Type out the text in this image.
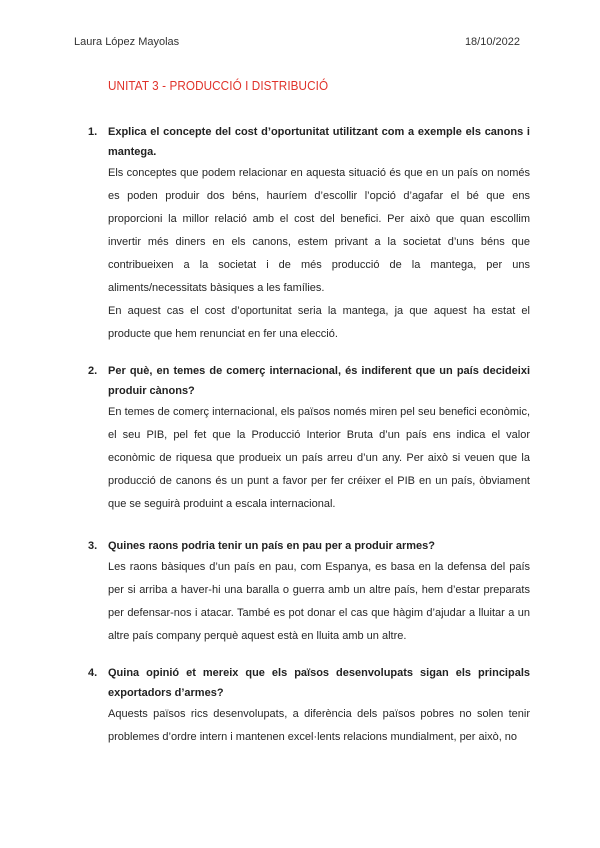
Laura López Mayolas	18/10/2022
UNITAT 3 - PRODUCCIÓ I DISTRIBUCIÓ
1. Explica el concepte del cost d’oportunitat utilitzant com a exemple els canons i mantega.

Els conceptes que podem relacionar en aquesta situació és que en un país on només es poden produir dos béns, hauríem d’escollir l’opció d’agafar el bé que ens proporcioni la millor relació amb el cost del benefici. Per això que quan escollim invertir més diners en els canons, estem privant a la societat d’uns béns que contribueixen a la societat i de més producció de la mantega, per uns aliments/necessitats bàsiques a les famílies.

En aquest cas el cost d’oportunitat seria la mantega, ja que aquest ha estat el producte que hem renunciat en fer una elecció.

2. Per què, en temes de comerç internacional, és indiferent que un país decideixi produir cànons?

En temes de comerç internacional, els països només miren pel seu benefici econòmic, el seu PIB, pel fet que la Producció Interior Bruta d’un país ens indica el valor econòmic de riquesa que produeix un país arreu d’un any. Per això si veuen que la producció de canons és un punt a favor per fer créixer el PIB en un país, òbviament que se seguirà produint a escala internacional.

3. Quines raons podria tenir un país en pau per a produir armes?

Les raons bàsiques d’un país en pau, com Espanya, es basa en la defensa del país per si arriba a haver-hi una baralla o guerra amb un altre país, hem d’estar preparats per defensar-nos i atacar. També es pot donar el cas que hàgim d’ajudar a lluitar a un altre país company perquè aquest està en lluita amb un altre.

4. Quina opinió et mereix que els països desenvolupats sigan els principals exportadors d’armes?

Aquests països rics desenvolupats, a diferència dels països pobres no solen tenir problemes d’ordre intern i mantenen excel·lents relacions mundialment, per això, no
